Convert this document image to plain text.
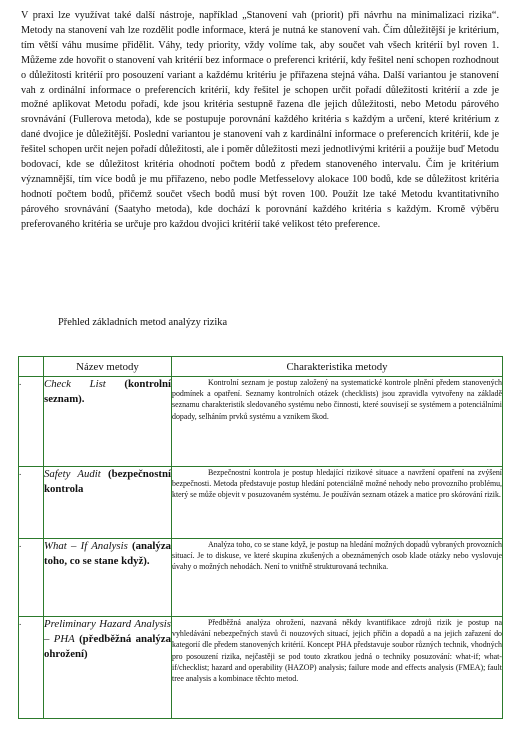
V praxi lze využívat také další nástroje, například „Stanovení vah (priorit) při návrhu na minimalizaci rizika“. Metody na stanovení vah lze rozdělit podle informace, která je nutná ke stanovení vah. Čím důležitější je kritérium, tím větší váhu musíme přidělit. Váhy, tedy priority, vždy volíme tak, aby součet vah všech kritérií byl roven 1. Můžeme zde hovořit o stanovení vah kritérií bez informace o preferenci kritérií, kdy řešitel není schopen rozhodnout o důležitosti kritérií pro posouzení variant a každému kritériu je přiřazena stejná váha. Další variantou je stanovení vah z ordinální informace o preferencích kritérií, kdy řešitel je schopen určit pořadí důležitosti kritérií a zde je možné aplikovat Metodu pořadí, kde jsou kritéria sestupně řazena dle jejich důležitosti, nebo Metodu párového srovnávání (Fullerova metoda), kde se postupuje porovnání každého kritéria s každým a určení, které kritérium z dané dvojice je důležitější. Poslední variantou je stanovení vah z kardinální informace o preferencích kritérií, kde je řešitel schopen určit nejen pořadí důležitosti, ale i poměr důležitosti mezi jednotlivými kritérii a použije buď Metodu bodovací, kde se důležitost kritéria ohodnotí počtem bodů z předem stanoveného intervalu. Čím je kritérium významnější, tím více bodů je mu přiřazeno, nebo podle Metfesselovy alokace 100 bodů, kde se důležitost kritéria hodnotí počtem bodů, přičemž součet všech bodů musí být roven 100. Použít lze také Metodu kvantitativního párového srovnávání (Saatyho metoda), kde dochází k porovnání každého kritéria s každým. Kromě výběru preferovaného kritéria se určuje pro každou dvojici kritérií také velikost této preference.

Přehled základních metod analýzy rizika

	Název metody	Charakteristika metody
.	Check List (kontrolní seznam).	Kontrolní seznam je postup založený na systematické kontrole plnění předem stanovených podmínek a opatření. Seznamy kontrolních otázek (checklists) jsou zpravidla vytvořeny na základě seznamu charakteristik sledovaného systému nebo činnosti, které souvisejí se systémem a potenciálními dopady, selháním prvků systému a vznikem škod.
.	Safety Audit (bezpečnostní kontrola	Bezpečnostní kontrola je postup hledající rizikové situace a navržení opatření na zvýšení bezpečnosti. Metoda představuje postup hledání potenciálně možné nehody nebo provozního problému, který se může objevit v posuzovaném systému. Je používán seznam otázek a matice pro skórování rizik.
.	What – If Analysis (analýza toho, co se stane když).	Analýza toho, co se stane když, je postup na hledání možných dopadů vybraných provozních situací. Je to diskuse, ve které skupina zkušených a obeznámených osob klade otázky nebo vyslovuje úvahy o možných nehodách. Není to vnitřně strukturovaná technika.
.	Preliminary Hazard Analysis – PHA (předběžná analýza ohrožení)	Předběžná analýza ohrožení, nazvaná někdy kvantifikace zdrojů rizik je postup na vyhledávání nebezpečných stavů či nouzových situací, jejich příčin a dopadů a na jejich zařazení do kategorií dle předem stanovených kritérií. Koncept PHA představuje soubor různých technik, vhodných pro posouzení rizika, nejčastěji se pod touto zkratkou jedná o techniky posuzování: what-if; what-if/checklist; hazard and operability (HAZOP) analysis; failure mode and effects analysis (FMEA); fault tree analysis a kombinace těchto metod.
